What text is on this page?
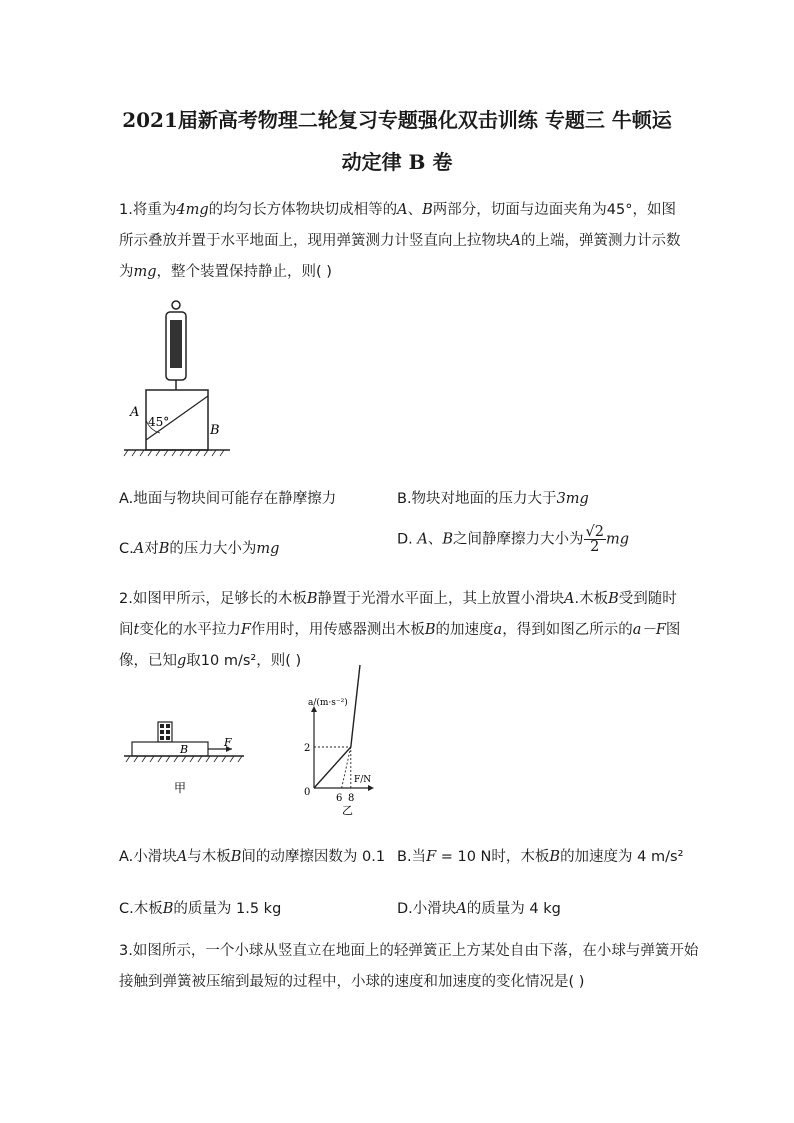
2021届新高考物理二轮复习专题强化双击训练 专题三 牛顿运
动定律 B 卷
1.将重为4mg的均匀长方体物块切成相等的A、B两部分，切面与边面夹角为45°，如图所示叠放并置于水平地面上，现用弹簧测力计竖直向上拉物块A的上端，弹簧测力计示数为mg，整个装置保持静止，则( )
45°
A
B
A.地面与物块间可能存在静摩擦力	B.物块对地面的压力大于3mg
C.A对B的压力大小为mg
D. A、B之间静摩擦力大小为 $\frac{√2}{2}$ mg
2.如图甲所示，足够长的木板B静置于光滑水平面上，其上放置小滑块A.木板B受到随时间t变化的水平拉力F作用时，用传感器测出木板B的加速度a，得到如图乙所示的a－F图像，已知g取10 m/s²，则( )
B
F
甲
a/(m·s⁻²)
F/N
0
6 8
2
乙
A.小滑块A与木板B间的动摩擦因数为 0.1 B.当F = 10 N时，木板B的加速度为 4 m/s²
C.木板B的质量为 1.5 kg	D.小滑块A的质量为 4 kg
3.如图所示，一个小球从竖直立在地面上的轻弹簧正上方某处自由下落，在小球与弹簧开始
接触到弹簧被压缩到最短的过程中，小球的速度和加速度的变化情况是( )
